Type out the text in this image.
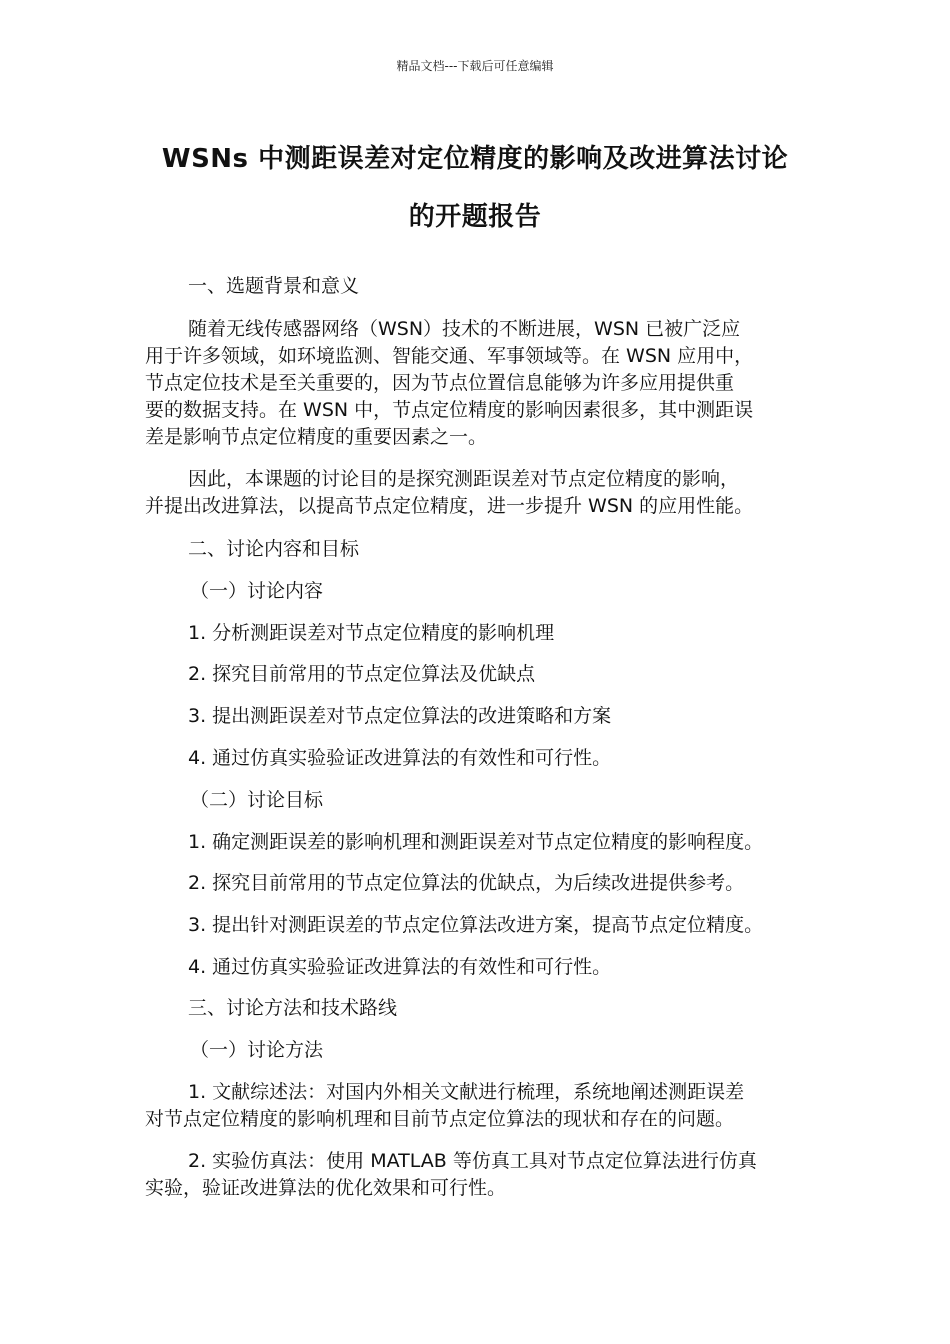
精品文档---下载后可任意编辑
WSNs 中测距误差对定位精度的影响及改进算法讨论
的开题报告
一、选题背景和意义
随着无线传感器网络（WSN）技术的不断进展，WSN 已被广泛应
用于许多领域，如环境监测、智能交通、军事领域等。在 WSN 应用中，
节点定位技术是至关重要的，因为节点位置信息能够为许多应用提供重
要的数据支持。在 WSN 中，节点定位精度的影响因素很多，其中测距误
差是影响节点定位精度的重要因素之一。
因此，本课题的讨论目的是探究测距误差对节点定位精度的影响，
并提出改进算法，以提高节点定位精度，进一步提升 WSN 的应用性能。
二、讨论内容和目标
（一）讨论内容
1. 分析测距误差对节点定位精度的影响机理
2. 探究目前常用的节点定位算法及优缺点
3. 提出测距误差对节点定位算法的改进策略和方案
4. 通过仿真实验验证改进算法的有效性和可行性。
（二）讨论目标
1. 确定测距误差的影响机理和测距误差对节点定位精度的影响程度。
2. 探究目前常用的节点定位算法的优缺点，为后续改进提供参考。
3. 提出针对测距误差的节点定位算法改进方案，提高节点定位精度。
4. 通过仿真实验验证改进算法的有效性和可行性。
三、讨论方法和技术路线
（一）讨论方法
1. 文献综述法：对国内外相关文献进行梳理，系统地阐述测距误差
对节点定位精度的影响机理和目前节点定位算法的现状和存在的问题。
2. 实验仿真法：使用 MATLAB 等仿真工具对节点定位算法进行仿真
实验，验证改进算法的优化效果和可行性。
